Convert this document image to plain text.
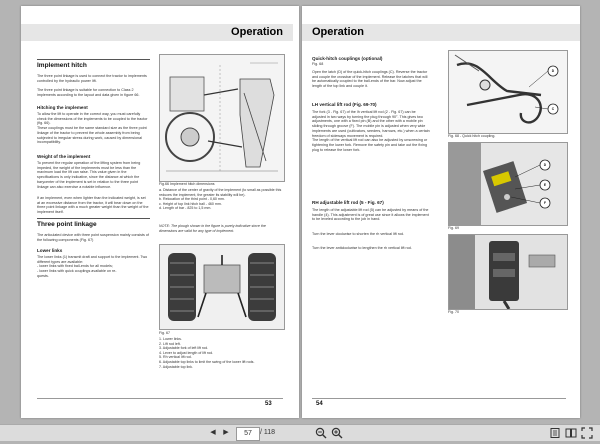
Operation
Implement hitch
The three point linkage is used to connect the tractor to implements controlled by the hydraulic power lift.
The three point linkage is suitable for connection to Class 2 implements according to the layout and data given in figure 66.
Hitching the implement
To allow the lift to operate in the correct way, you must carefully check the dimensions of the implements to be coupled to the tractor (fig. 66).
These couplings must be the same standard size as the three point linkage of the tractor to prevent the whole assembly from being subjected to irregular stress during work, caused by dimensional incompatibility.
Weight of the implement
To prevent the regular operation of the lifting system from being impeded, the weight of the implements must be less than the maximum load the lift can raise. This value given in the specifications is only indicative, since the distance at which the barycenter of the implement is set in relation to the three point linkage can also exercise a notable influence.
If an implement, even when lighter than the indicated weight, is set at an excessive distance from the tractor, it will bear down on the three point linkage with a much greater weight than the weight of the implement itself.
Three point linkage
The articulated device with three point suspension mainly consists of the following components (Fig. 67)
Lower links
The lower links (1) transmit draft and support to the implement. Two different types are available:
- lower links with fixed ball-ends for all models;
- lower links with quick couplings available on re-
quests.
Fig.66 Implement hitch dimensions
a. Distance of the center of gravity of the implement (to small as possible this reduces the implement, the greater its stability will be).
b. Relocation of the third point - 0,60 mm.
c. Height of top link hitch ball - 460 mm.
d. Length of bar - 825 to 1,5 mm.
NOTE: The plough shown in the figure is purely indicative since the dimensions are valid for any type of implement.
Fig. 67
1. Lower links.
2. Lift rod left.
3. Adjustable fork of left lift rod.
4. Lever to adjust length of lift rod.
5. Rh vertical lift rod.
6. Adjustable top links to limit the swing of the lower lift rods.
7. Adjustable top link.
53
Operation
Quick-hitch couplings (optional)
Fig. 68
Open the latch (D) of the quick-hitch couplings (C). Reverse the tractor and couple the crossbar of the implement. Release the latches that will be automatically coupled to the ball-ends of the bar. Now adjust the length of the top link and couple it.
LH vertical lift rod (Fig. 69-70)
The fork (3 - Fig. 67) of the lh vertical lift rod (2 - Fig. 67) can be adjusted in two ways by turning the plug through 90°. This gives two adjustments, one with a fixed pin (B) and the other with a mobile pin sliding through groove (F). The mobile pin is adjusted when very wide implements are used (cultivators, seeders, harrows, etc.) when a certain freedom of sideways movement is required.
The length of the vertical lift rod can also be adjusted by unscrewing or tightening the lower fork. Remove the safety pin and take out the fixing plug to release the lower fork.
RH adjustable lift rod (5 - Fig. 67)
The length of the adjustable lift rod (5) can be adjusted by means of the handle (4). This adjustment is of great use since it allows the implement to be leveled according to the job in hand.
Turn the lever clockwise to shorten the rh vertical lift rod.
Turn the lever anticlockwise to lengthen the rh vertical lift rod.
D
C
Fig. 68 - Quick hitch coupling.
D
E
F
Fig. 69
Fig. 70
54
◀	▶	57	/ 118
